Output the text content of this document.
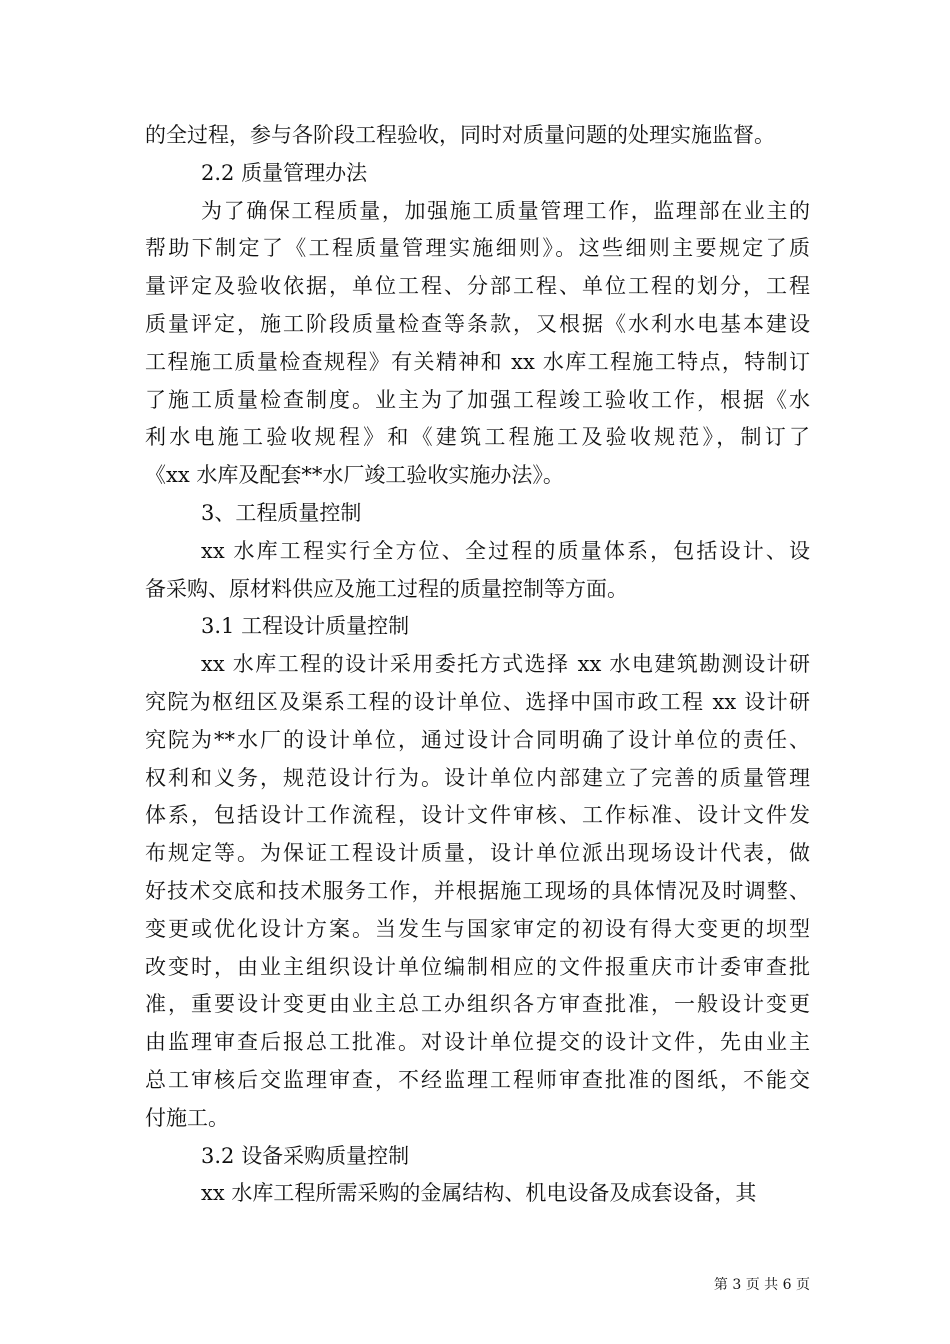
的全过程，参与各阶段工程验收，同时对质量问题的处理实施监督。
2.2 质量管理办法
为了确保工程质量，加强施工质量管理工作，监理部在业主的
帮助下制定了《工程质量管理实施细则》。这些细则主要规定了质
量评定及验收依据，单位工程、分部工程、单位工程的划分，工程
质量评定，施工阶段质量检查等条款，又根据《水利水电基本建设
工程施工质量检查规程》有关精神和 xx 水库工程施工特点，特制订
了施工质量检查制度。业主为了加强工程竣工验收工作，根据《水
利水电施工验收规程》和《建筑工程施工及验收规范》，制订了
《xx 水库及配套**水厂竣工验收实施办法》。
3、工程质量控制
xx 水库工程实行全方位、全过程的质量体系，包括设计、设
备采购、原材料供应及施工过程的质量控制等方面。
3.1 工程设计质量控制
xx 水库工程的设计采用委托方式选择 xx 水电建筑勘测设计研
究院为枢纽区及渠系工程的设计单位、选择中国市政工程 xx 设计研
究院为**水厂的设计单位，通过设计合同明确了设计单位的责任、
权利和义务，规范设计行为。设计单位内部建立了完善的质量管理
体系，包括设计工作流程，设计文件审核、工作标准、设计文件发
布规定等。为保证工程设计质量，设计单位派出现场设计代表，做
好技术交底和技术服务工作，并根据施工现场的具体情况及时调整、
变更或优化设计方案。当发生与国家审定的初设有得大变更的坝型
改变时，由业主组织设计单位编制相应的文件报重庆市计委审查批
准，重要设计变更由业主总工办组织各方审查批准，一般设计变更
由监理审查后报总工批准。对设计单位提交的设计文件，先由业主
总工审核后交监理审查，不经监理工程师审查批准的图纸，不能交
付施工。
3.2 设备采购质量控制
xx 水库工程所需采购的金属结构、机电设备及成套设备，其
第 3 页 共 6 页
